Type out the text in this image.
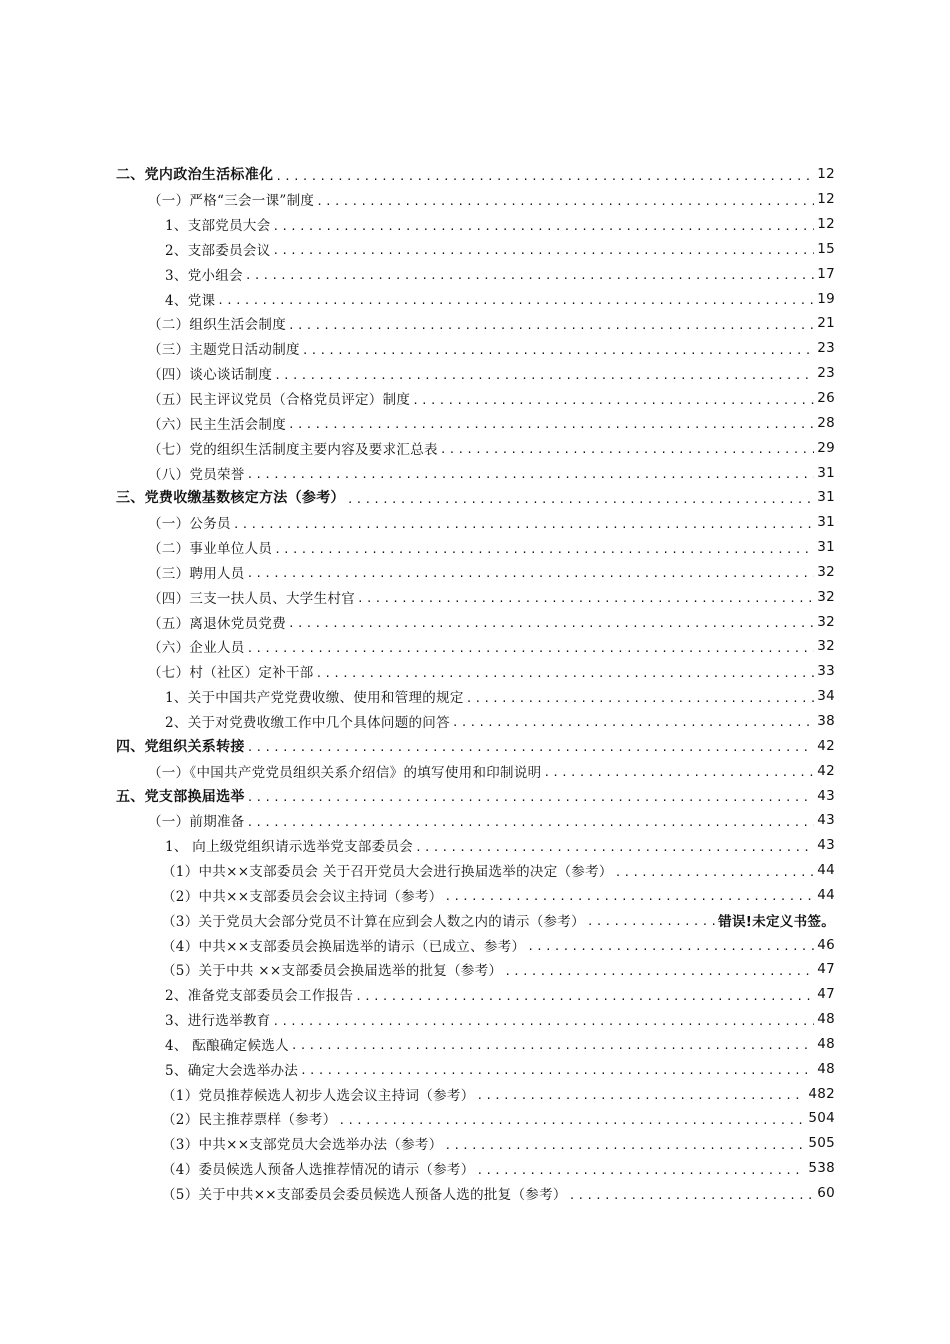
二、党内政治生活标准化 .....	12
（一）严格“三会一课”制度 .....	12
1、支部党员大会 .....	12
2、支部委员会议 .....	15
3、党小组会 .....	17
4、党课 .....	19
（二）组织生活会制度 .....	21
（三）主题党日活动制度 .....	23
（四）谈心谈话制度 .....	23
（五）民主评议党员（合格党员评定）制度 .....	26
（六）民主生活会制度 .....	28
（七）党的组织生活制度主要内容及要求汇总表 .....	29
（八）党员荣誉 .....	31
三、党费收缴基数核定方法（参考） .....	31
（一）公务员 .....	31
（二）事业单位人员 .....	31
（三）聘用人员 .....	32
（四）三支一扶人员、大学生村官 .....	32
（五）离退休党员党费 .....	32
（六）企业人员 .....	32
（七）村（社区）定补干部 .....	33
1、关于中国共产党党费收缴、使用和管理的规定 .....	34
2、关于对党费收缴工作中几个具体问题的问答 .....	38
四、党组织关系转接 .....	42
（一）《中国共产党党员组织关系介绍信》的填写使用和印制说明 .....	42
五、党支部换届选举 .....	43
（一）前期准备 .....	43
1、 向上级党组织请示选举党支部委员会 .....	43
（1）中共××支部委员会 关于召开党员大会进行换届选举的决定（参考） .....	44
（2）中共××支部委员会会议主持词（参考） .....	44
（3）关于党员大会部分党员不计算在应到会人数之内的请示（参考） .....	错误!未定义书签。
（4）中共××支部委员会换届选举的请示（已成立、参考） .....	46
（5）关于中共 ××支部委员会换届选举的批复（参考） .....	47
2、准备党支部委员会工作报告 .....	47
3、进行选举教育 .....	48
4、 酝酿确定候选人 .....	48
5、确定大会选举办法 .....	48
（1）党员推荐候选人初步人选会议主持词（参考） .....	482
（2）民主推荐票样（参考） .....	504
（3）中共××支部党员大会选举办法（参考） .....	505
（4）委员候选人预备人选推荐情况的请示（参考） .....	538
（5）关于中共××支部委员会委员候选人预备人选的批复（参考） .....	60
